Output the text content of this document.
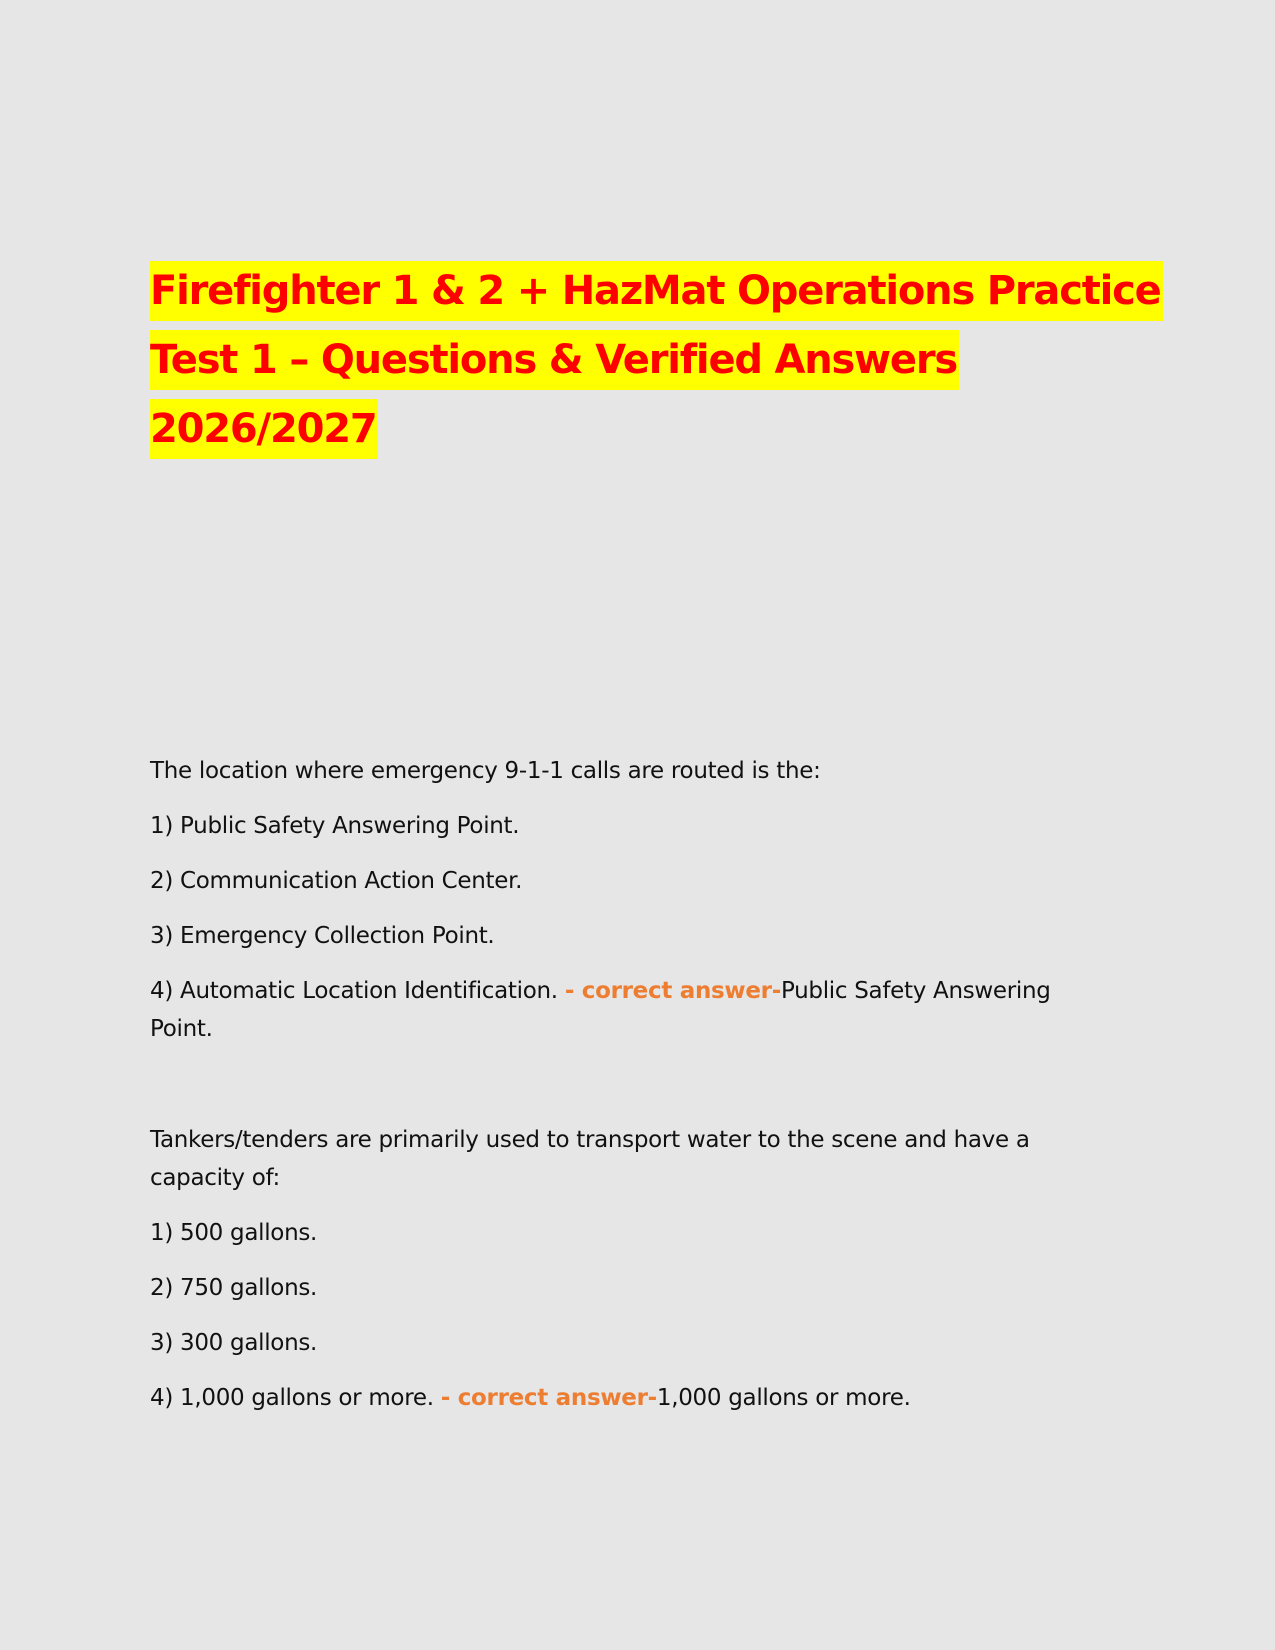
Firefighter 1 & 2 + HazMat Operations Practice
Test 1 – Questions & Verified Answers
2026/2027

The location where emergency 9-1-1 calls are routed is the:

1) Public Safety Answering Point.

2) Communication Action Center.

3) Emergency Collection Point.

4) Automatic Location Identification. - correct answer-Public Safety Answering Point.

Tankers/tenders are primarily used to transport water to the scene and have a capacity of:

1) 500 gallons.

2) 750 gallons.

3) 300 gallons.

4) 1,000 gallons or more. - correct answer-1,000 gallons or more.
